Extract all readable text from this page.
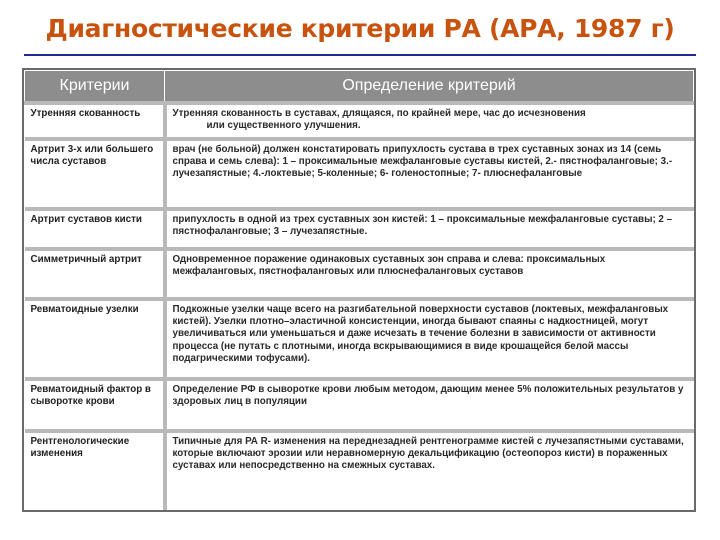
Диагностические критерии РА (АРА, 1987 г)
Критерии	Определение критерий
Утренняя скованность	Утренняя скованность в суставах, длящаяся, по крайней мере, час до исчезновения
или существенного улучшения.

Артрит 3-х или большего числа суставов	врач (не больной) должен констатировать припухлость сустава в трех суставных зонах из 14 (семь справа и семь слева): 1 – проксимальные межфаланговые суставы кистей, 2.- пястнофаланговые; 3.- лучезапястные; 4.-локтевые; 5-коленные; 6- голеностопные; 7- плюснефаланговые

Артрит суставов кисти	припухлость в одной из трех суставных зон кистей: 1 – проксимальные межфаланговые суставы; 2 – пястнофаланговые; 3 – лучезапястные.

Симметричный артрит	Одновременное поражение одинаковых суставных зон справа и слева: проксимальных межфаланговых, пястнофаланговых или плюснефаланговых суставов

Ревматоидные узелки	Подкожные узелки чаще всего на разгибательной поверхности суставов (локтевых, межфаланговых кистей). Узелки плотно–эластичной консистенции, иногда бывают спаяны с надкостницей, могут увеличиваться или уменьшаться и даже исчезать в течение болезни в зависимости от активности процесса (не путать с плотными, иногда вскрывающимися в виде крошащейся белой массы подагрическими тофусами).

Ревматоидный фактор в сыворотке крови	Определение РФ в сыворотке крови любым методом, дающим менее 5% положительных результатов у здоровых лиц в популяции

Рентгенологические изменения	Типичные для РА R- изменения на переднезадней рентгенограмме кистей с лучезапястными суставами, которые включают эрозии или неравномерную декальцификацию (остеопороз кисти) в пораженных суставах или непосредственно на смежных суставах.
